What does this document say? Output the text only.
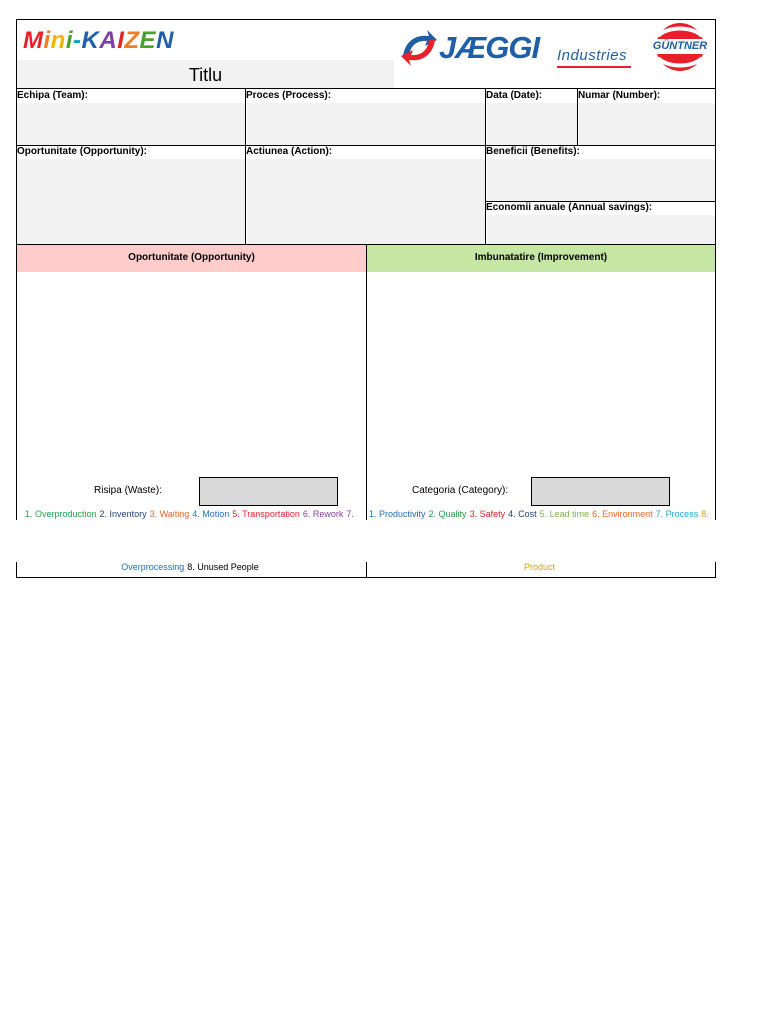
Mini-KAIZEN
Titlu
JÆGGI Industries
GÜNTNER
Echipa (Team):	Proces (Process):	Data (Date):	Numar (Number):
Oportunitate (Opportunity):	Actiunea (Action):	Beneficii (Benefits):
Economii anuale (Annual savings):
Oportunitate (Opportunity)	Imbunatatire (Improvement)
Risipa (Waste):	Categoria (Category):
1. Overproduction 2. Inventory 3. Waiting 4. Motion 5. Transportation 6. Rework 7.	1. Productivity 2. Quality 3. Safety 4. Cost 5. Lead time 6. Environment 7. Process 8.
Overprocessing 8. Unused People	Product
